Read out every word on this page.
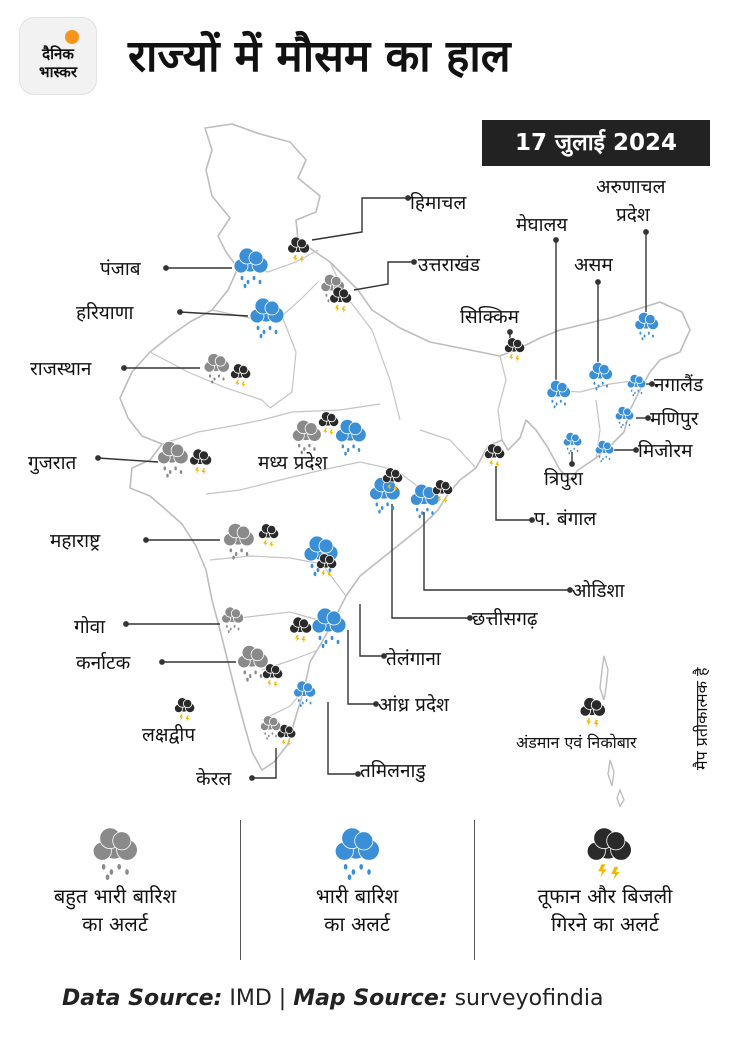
दैनिक
भास्कर राज्यों में मौसम का हाल
17 जुलाई 2024
हिमाचल
उत्तराखंड
पंजाब
हरियाणा
राजस्थान
गुजरात	मध्य प्रदेश
महाराष्ट्र
गोवा
कर्नाटक
लक्षद्वीप
केरल	तमिलनाडु
आंध्र प्रदेश
तेलंगाना
छत्तीसगढ़
ओडिशा
प. बंगाल
सिक्किम
मेघालय
असम
अरुणाचल
प्रदेश
नगालैंड
मणिपुर
मिजोरम
त्रिपुरा
अंडमान एवं निकोबार
बहुत भारी बारिश
का अलर्ट
भारी बारिश
का अलर्ट
तूफान और बिजली
गिरने का अलर्ट
मैप प्रतीकात्मक है
Data Source: IMD | Map Source: surveyofindia
